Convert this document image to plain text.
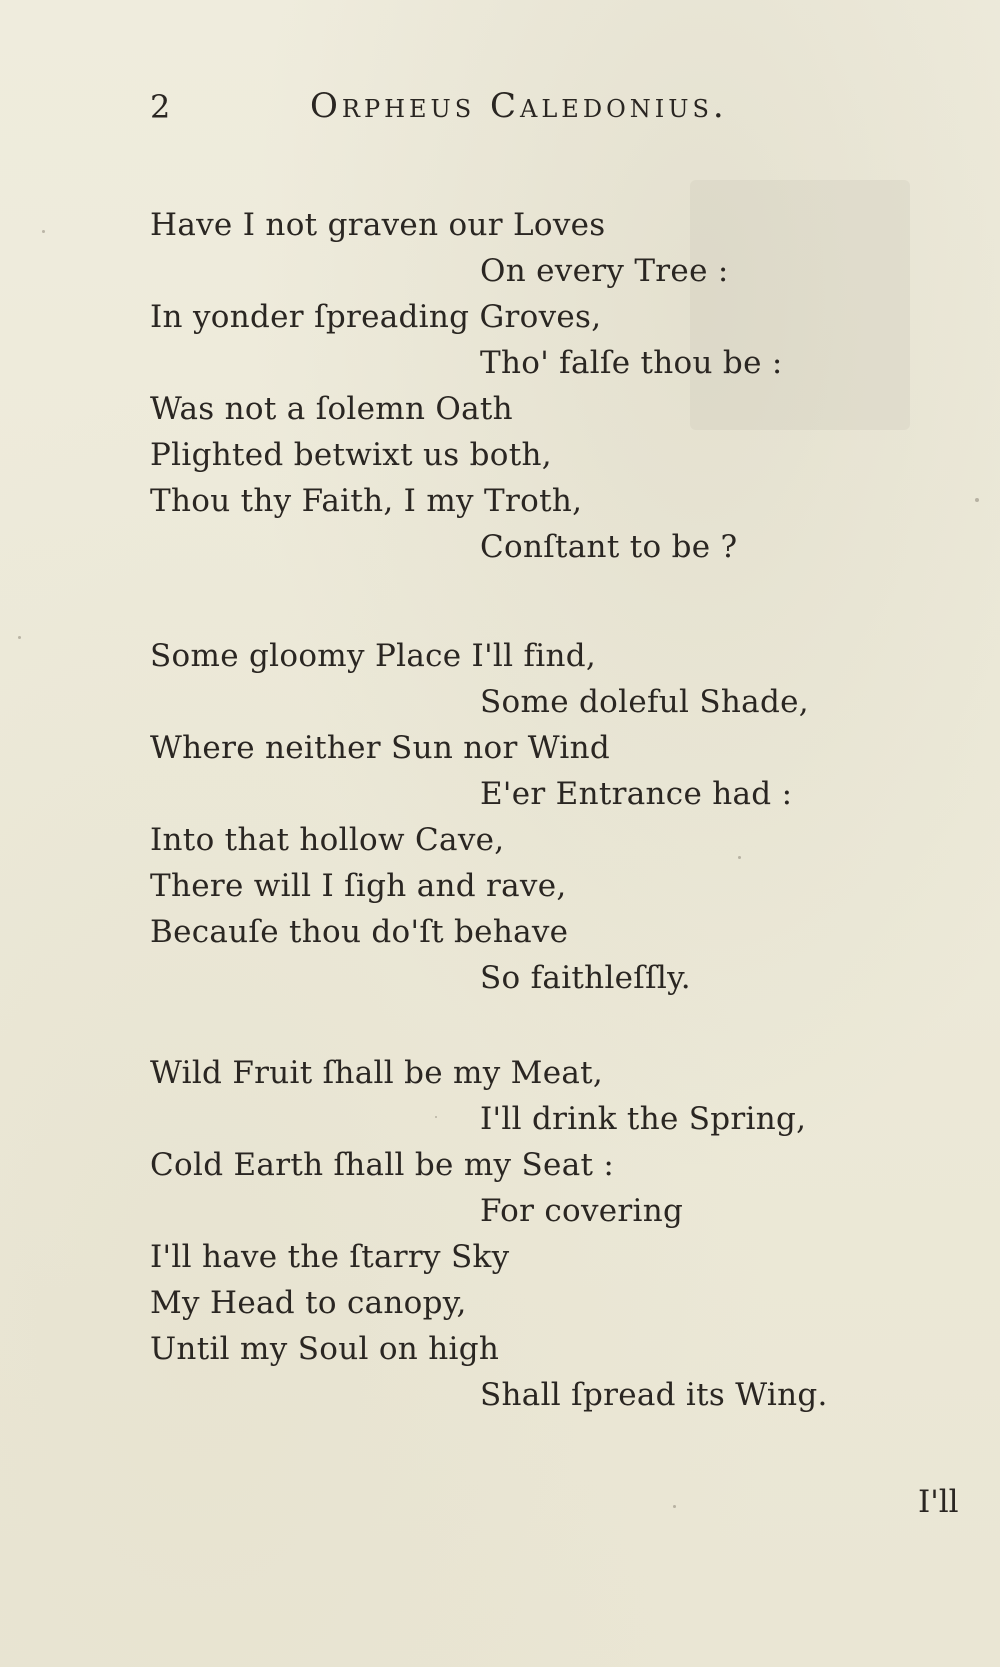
2	Orpheus Caledonius.
Have I not graven our Loves
On every Tree :
In yonder ſpreading Groves,
Tho' falſe thou be :
Was not a ſolemn Oath
Plighted betwixt us both,
Thou thy Faith, I my Troth,
Conſtant to be ?
Some gloomy Place I'll find,
Some doleful Shade,
Where neither Sun nor Wind
E'er Entrance had :
Into that hollow Cave,
There will I ſigh and rave,
Becauſe thou do'ſt behave
So faithleſſly.
Wild Fruit ſhall be my Meat,
I'll drink the Spring,
Cold Earth ſhall be my Seat :
For covering
I'll have the ſtarry Sky
My Head to canopy,
Until my Soul on high
Shall ſpread its Wing.
I'll
